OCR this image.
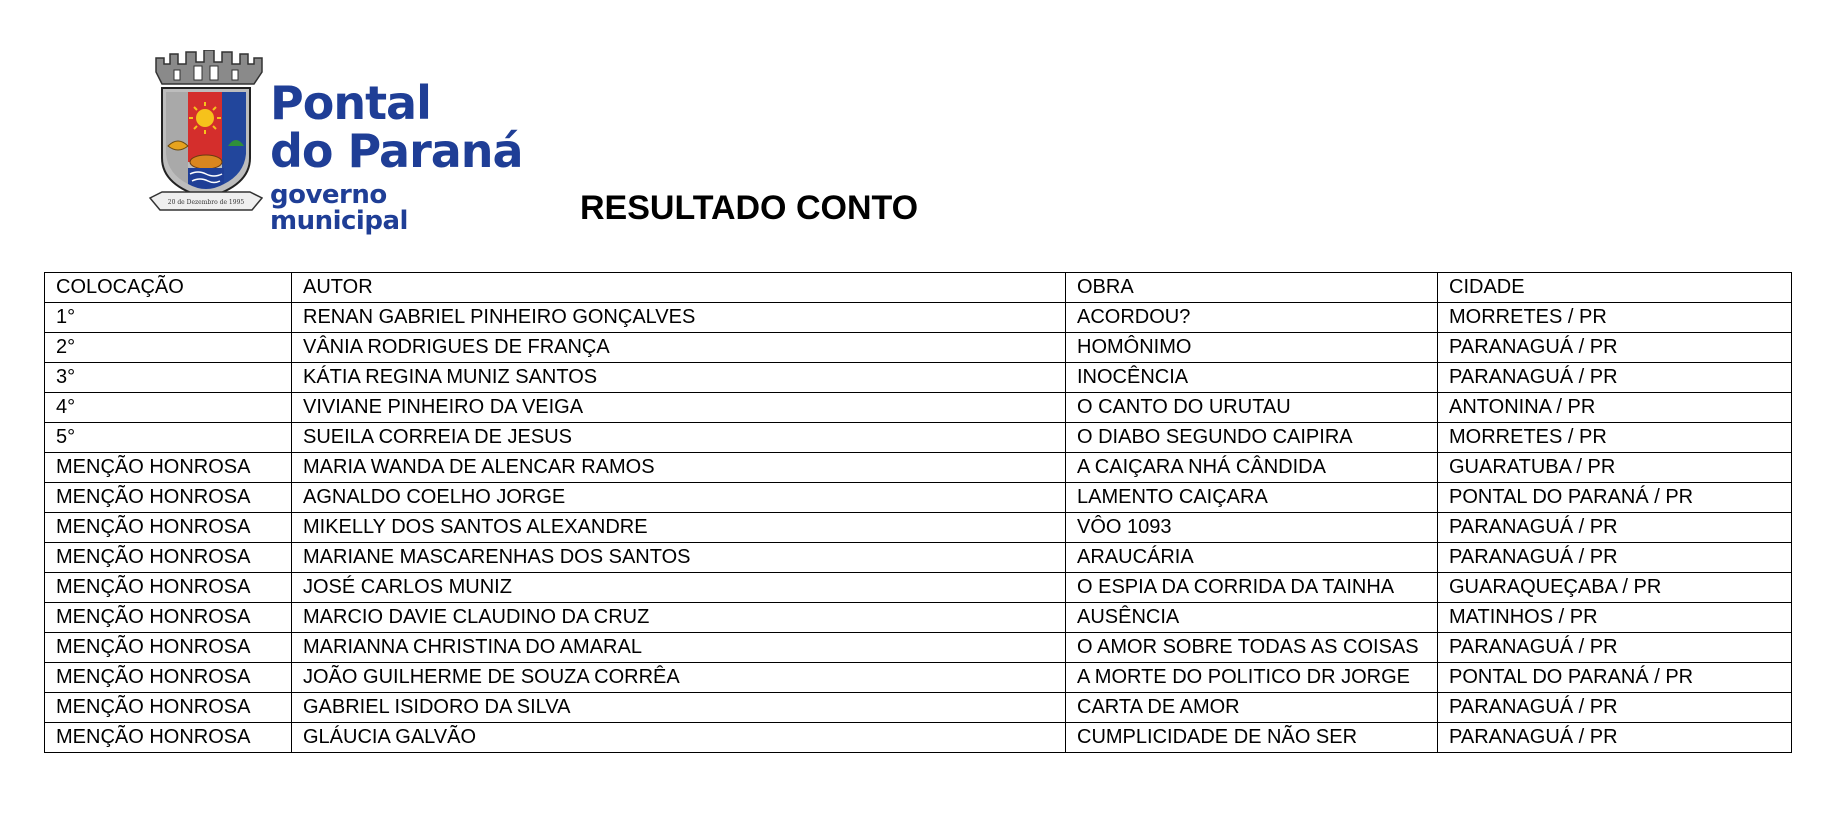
20 de Dezembro de 1995
Pontal
do Paraná
governo municipal	RESULTADO CONTO
COLOCAÇÃO	AUTOR	OBRA	CIDADE
1°	RENAN GABRIEL PINHEIRO GONÇALVES	ACORDOU?	MORRETES / PR
2°	VÂNIA RODRIGUES DE FRANÇA	HOMÔNIMO	PARANAGUÁ / PR
3°	KÁTIA REGINA MUNIZ SANTOS	INOCÊNCIA	PARANAGUÁ / PR
4°	VIVIANE PINHEIRO DA VEIGA	O CANTO DO URUTAU	ANTONINA / PR
5°	SUEILA CORREIA DE JESUS	O DIABO SEGUNDO CAIPIRA	MORRETES / PR
MENÇÃO HONROSA	MARIA WANDA DE ALENCAR RAMOS	A CAIÇARA NHÁ CÂNDIDA	GUARATUBA / PR
MENÇÃO HONROSA	AGNALDO COELHO JORGE	LAMENTO CAIÇARA	PONTAL DO PARANÁ / PR
MENÇÃO HONROSA	MIKELLY DOS SANTOS ALEXANDRE	VÔO 1093	PARANAGUÁ / PR
MENÇÃO HONROSA	MARIANE MASCARENHAS DOS SANTOS	ARAUCÁRIA	PARANAGUÁ / PR
MENÇÃO HONROSA	JOSÉ CARLOS MUNIZ	O ESPIA DA CORRIDA DA TAINHA	GUARAQUEÇABA / PR
MENÇÃO HONROSA	MARCIO DAVIE CLAUDINO DA CRUZ	AUSÊNCIA	MATINHOS / PR
MENÇÃO HONROSA	MARIANNA CHRISTINA DO AMARAL	O AMOR SOBRE TODAS AS COISAS	PARANAGUÁ / PR
MENÇÃO HONROSA	JOÃO GUILHERME DE SOUZA CORRÊA	A MORTE DO POLITICO DR JORGE	PONTAL DO PARANÁ / PR
MENÇÃO HONROSA	GABRIEL ISIDORO DA SILVA	CARTA DE AMOR	PARANAGUÁ / PR
MENÇÃO HONROSA	GLÁUCIA GALVÃO	CUMPLICIDADE DE NÃO SER	PARANAGUÁ / PR
